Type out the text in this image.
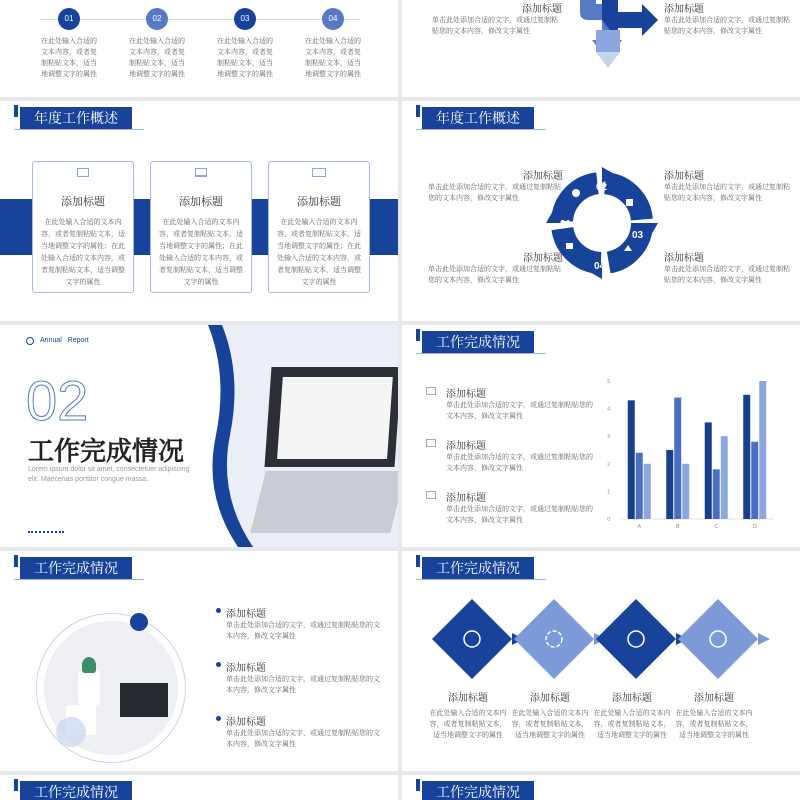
01
在此处输入合适的文本内容，或者复制粘贴文本，适当地调整文字的属性
02
在此处输入合适的文本内容，或者复制粘贴文本，适当地调整文字的属性
03
在此处输入合适的文本内容，或者复制粘贴文本，适当地调整文字的属性
04
在此处输入合适的文本内容，或者复制粘贴文本，适当地调整文字的属性
添加标题
单击此处添加合适的文字，或通过复制粘贴您的文本内容，修改文字属性
添加标题
单击此处添加合适的文字，或通过复制粘贴您的文本内容，修改文字属性
年度工作概述
添加标题
在此处输入合适的文本内容，或者复制粘贴文本，适当地调整文字的属性；在此处输入合适的文本内容，或者复制粘贴文本，适当调整文字的属性
添加标题
在此处输入合适的文本内容，或者复制粘贴文本，适当地调整文字的属性；在此处输入合适的文本内容，或者复制粘贴文本，适当调整文字的属性
添加标题
在此处输入合适的文本内容，或者复制粘贴文本，适当地调整文字的属性；在此处输入合适的文本内容，或者复制粘贴文本，适当调整文字的属性
年度工作概述
添加标题
单击此处添加合适的文字，或通过复制粘贴您的文本内容，修改文字属性
添加标题
单击此处添加合适的文字，或通过复制粘贴您的文本内容，修改文字属性
添加标题
单击此处添加合适的文字，或通过复制粘贴您的文本内容，修改文字属性
添加标题
单击此处添加合适的文字，或通过复制粘贴您的文本内容，修改文字属性
01
02
03
04
Annual   Report
02
工作完成情况
Lorem ipsum dolor sit amet, consectetuer adipiscing elit. Maecenas porttitor congue massa.
工作完成情况
添加标题
单击此处添加合适的文字，或通过复制粘贴您的文本内容，修改文字属性
添加标题
单击此处添加合适的文字，或通过复制粘贴您的文本内容，修改文字属性
添加标题
单击此处添加合适的文字，或通过复制粘贴您的文本内容，修改文字属性	0
1
2
3
4
5
A	B	C	D
工作完成情况
添加标题
单击此处添加合适的文字，或通过复制粘贴您的文本内容，修改文字属性
添加标题
单击此处添加合适的文字，或通过复制粘贴您的文本内容，修改文字属性
添加标题
单击此处添加合适的文字，或通过复制粘贴您的文本内容，修改文字属性
工作完成情况
添加标题
在此处输入合适的文本内容，或者复制粘贴文本，适当地调整文字的属性
添加标题
在此处输入合适的文本内容，或者复制粘贴文本，适当地调整文字的属性
添加标题
在此处输入合适的文本内容，或者复制粘贴文本，适当地调整文字的属性
添加标题
在此处输入合适的文本内容，或者复制粘贴文本，适当地调整文字的属性
工作完成情况	工作完成情况
